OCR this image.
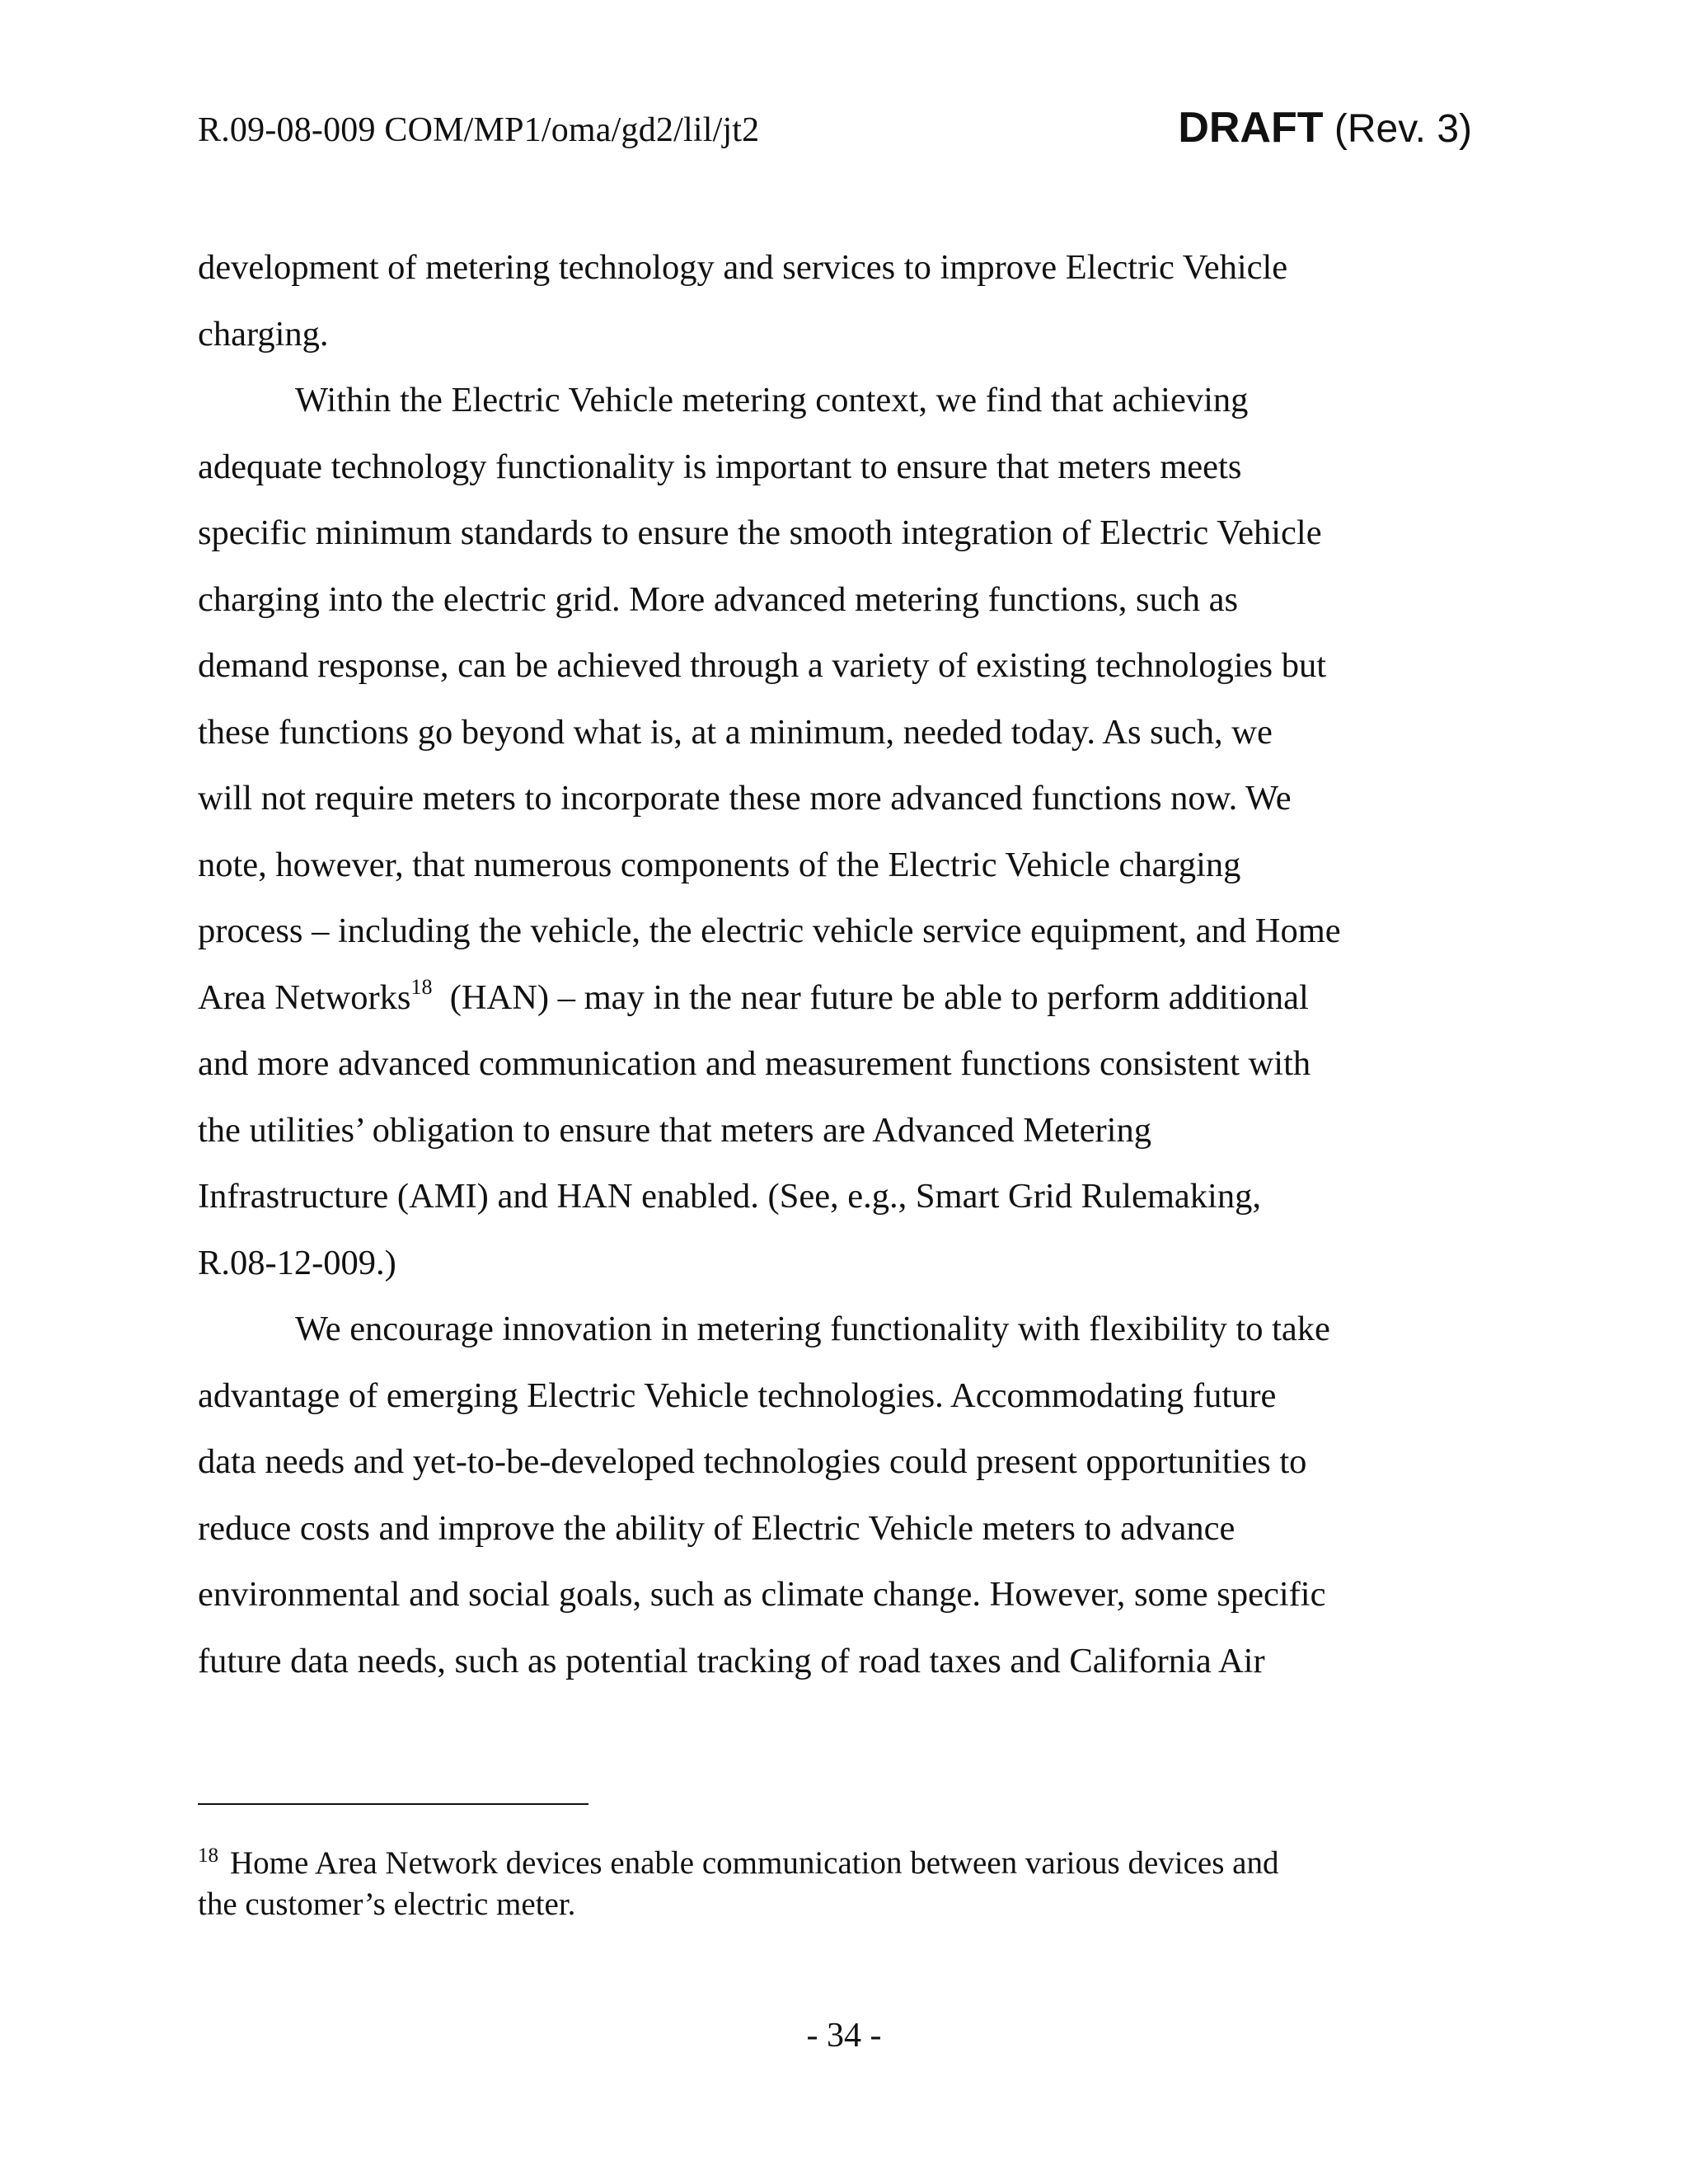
R.09-08-009 COM/MP1/oma/gd2/lil/jt2	DRAFT (Rev. 3)

development of metering technology and services to improve Electric Vehicle
charging.

Within the Electric Vehicle metering context, we find that achieving
adequate technology functionality is important to ensure that meters meets
specific minimum standards to ensure the smooth integration of Electric Vehicle
charging into the electric grid. More advanced metering functions, such as
demand response, can be achieved through a variety of existing technologies but
these functions go beyond what is, at a minimum, needed today. As such, we
will not require meters to incorporate these more advanced functions now. We
note, however, that numerous components of the Electric Vehicle charging
process – including the vehicle, the electric vehicle service equipment, and Home
Area Networks$^{18}$  (HAN) – may in the near future be able to perform additional
and more advanced communication and measurement functions consistent with
the utilities’ obligation to ensure that meters are Advanced Metering
Infrastructure (AMI) and HAN enabled. (See, e.g., Smart Grid Rulemaking,
R.08-12-009.)

We encourage innovation in metering functionality with flexibility to take
advantage of emerging Electric Vehicle technologies. Accommodating future
data needs and yet-to-be-developed technologies could present opportunities to
reduce costs and improve the ability of Electric Vehicle meters to advance
environmental and social goals, such as climate change. However, some specific
future data needs, such as potential tracking of road taxes and California Air

$^{18}$ Home Area Network devices enable communication between various devices and
the customer’s electric meter.
- 34 -
